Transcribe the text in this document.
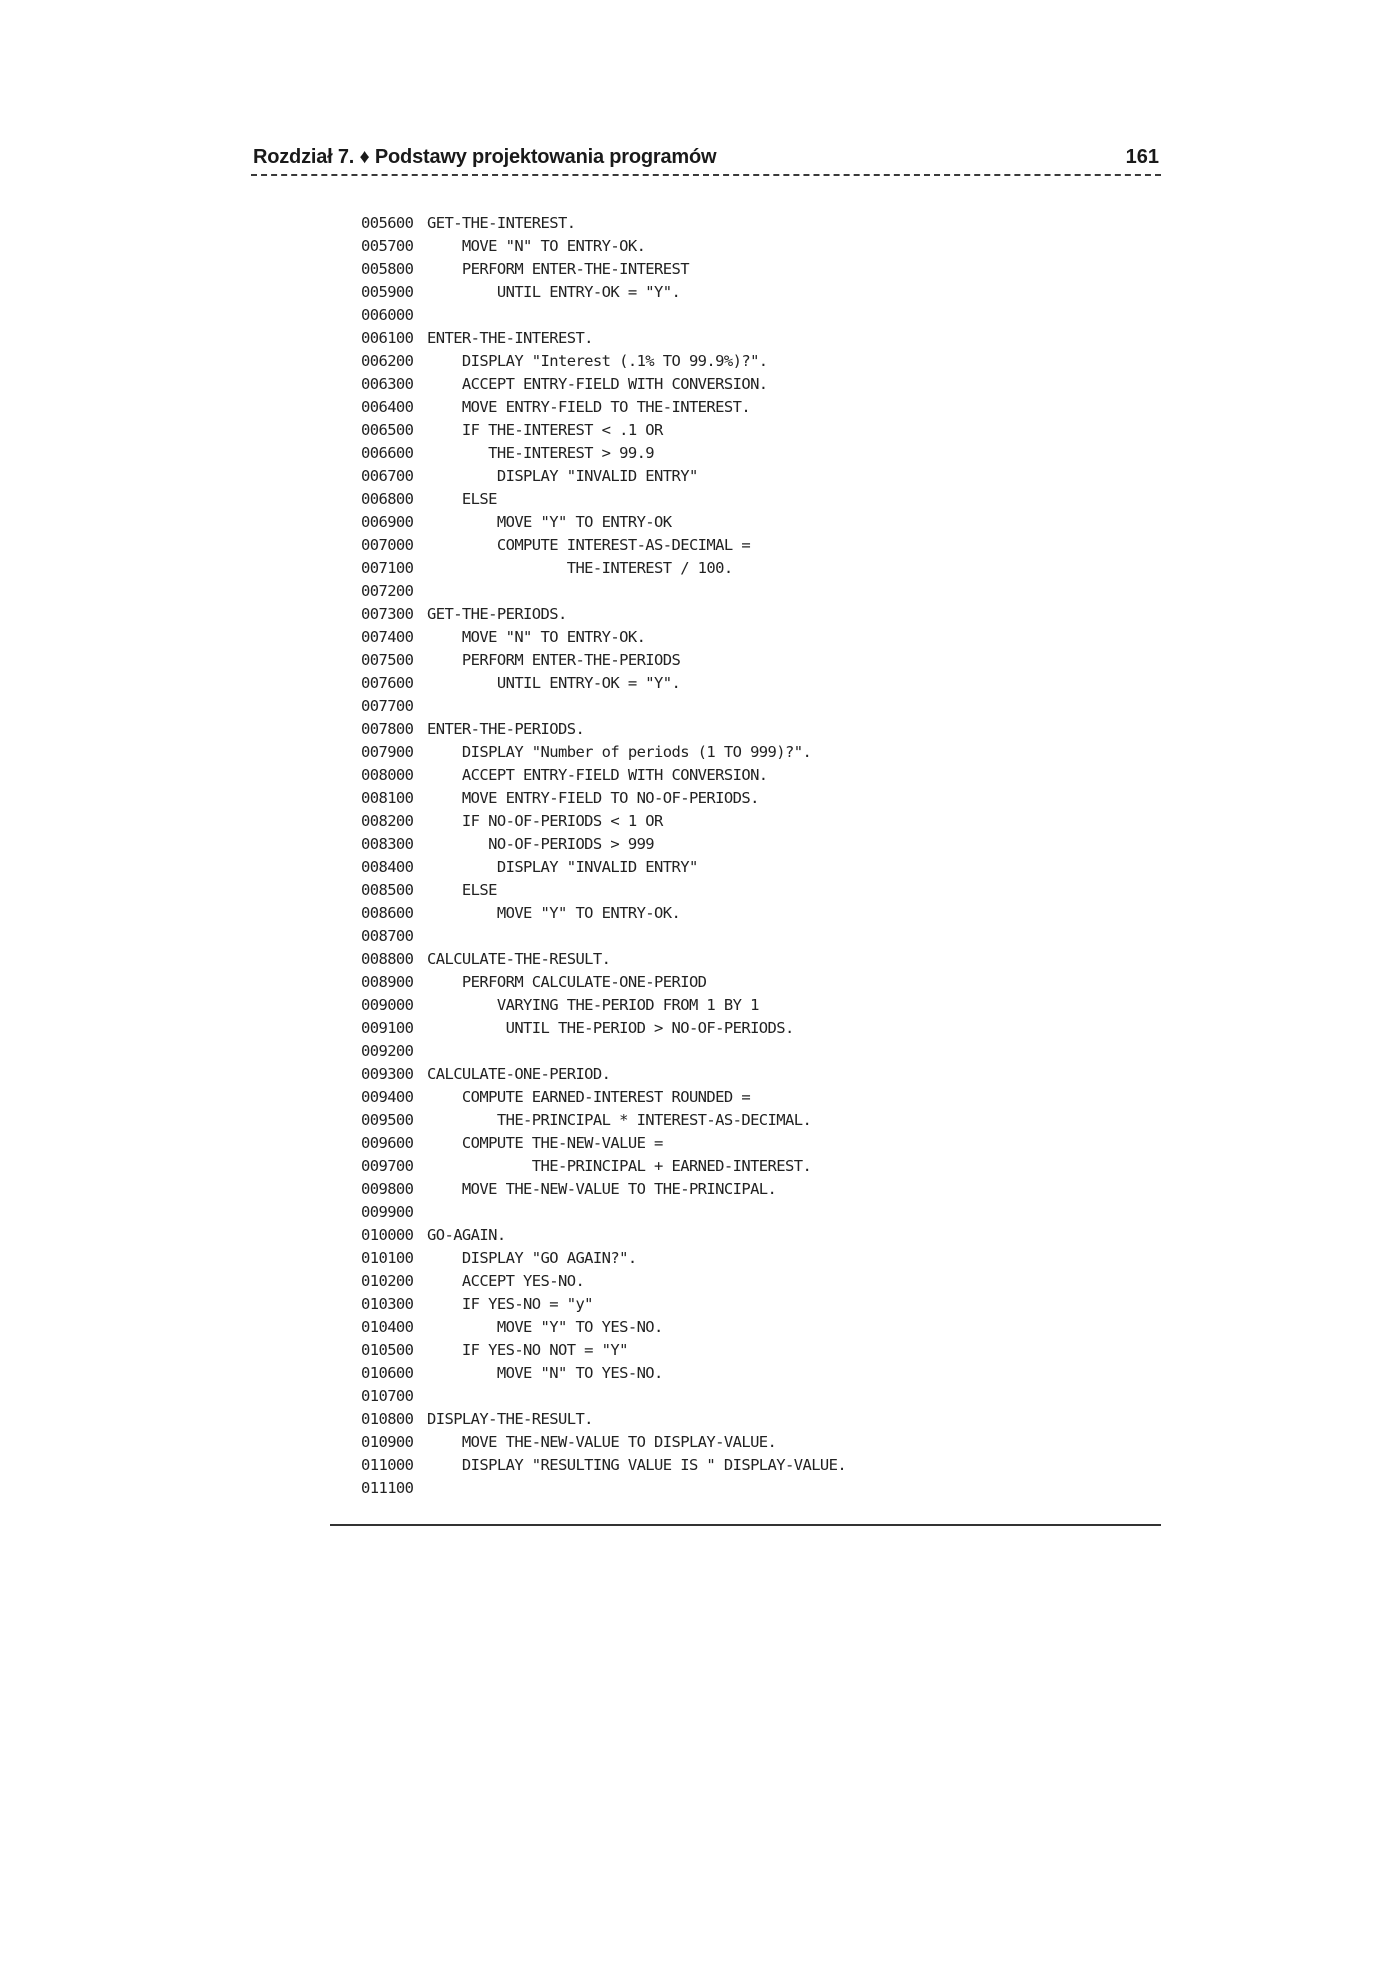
Rozdział 7. ♦ Podstawy projektowania programów	161
005600 GET-THE-INTEREST.
005700    MOVE "N" TO ENTRY-OK.
005800    PERFORM ENTER-THE-INTEREST
005900        UNTIL ENTRY-OK = "Y".
006000
006100 ENTER-THE-INTEREST.
006200    DISPLAY "Interest (.1% TO 99.9%)?".
006300    ACCEPT ENTRY-FIELD WITH CONVERSION.
006400    MOVE ENTRY-FIELD TO THE-INTEREST.
006500    IF THE-INTEREST < .1 OR
006600       THE-INTEREST > 99.9
006700        DISPLAY "INVALID ENTRY"
006800    ELSE
006900        MOVE "Y" TO ENTRY-OK
007000        COMPUTE INTEREST-AS-DECIMAL =
007100                THE-INTEREST / 100.
007200
007300 GET-THE-PERIODS.
007400    MOVE "N" TO ENTRY-OK.
007500    PERFORM ENTER-THE-PERIODS
007600        UNTIL ENTRY-OK = "Y".
007700
007800 ENTER-THE-PERIODS.
007900    DISPLAY "Number of periods (1 TO 999)?".
008000    ACCEPT ENTRY-FIELD WITH CONVERSION.
008100    MOVE ENTRY-FIELD TO NO-OF-PERIODS.
008200    IF NO-OF-PERIODS < 1 OR
008300       NO-OF-PERIODS > 999
008400        DISPLAY "INVALID ENTRY"
008500    ELSE
008600        MOVE "Y" TO ENTRY-OK.
008700
008800 CALCULATE-THE-RESULT.
008900    PERFORM CALCULATE-ONE-PERIOD
009000        VARYING THE-PERIOD FROM 1 BY 1
009100         UNTIL THE-PERIOD > NO-OF-PERIODS.
009200
009300 CALCULATE-ONE-PERIOD.
009400    COMPUTE EARNED-INTEREST ROUNDED =
009500        THE-PRINCIPAL * INTEREST-AS-DECIMAL.
009600    COMPUTE THE-NEW-VALUE =
009700            THE-PRINCIPAL + EARNED-INTEREST.
009800    MOVE THE-NEW-VALUE TO THE-PRINCIPAL.
009900
010000 GO-AGAIN.
010100    DISPLAY "GO AGAIN?".
010200    ACCEPT YES-NO.
010300    IF YES-NO = "y"
010400        MOVE "Y" TO YES-NO.
010500    IF YES-NO NOT = "Y"
010600        MOVE "N" TO YES-NO.
010700
010800 DISPLAY-THE-RESULT.
010900    MOVE THE-NEW-VALUE TO DISPLAY-VALUE.
011000    DISPLAY "RESULTING VALUE IS " DISPLAY-VALUE.
011100
